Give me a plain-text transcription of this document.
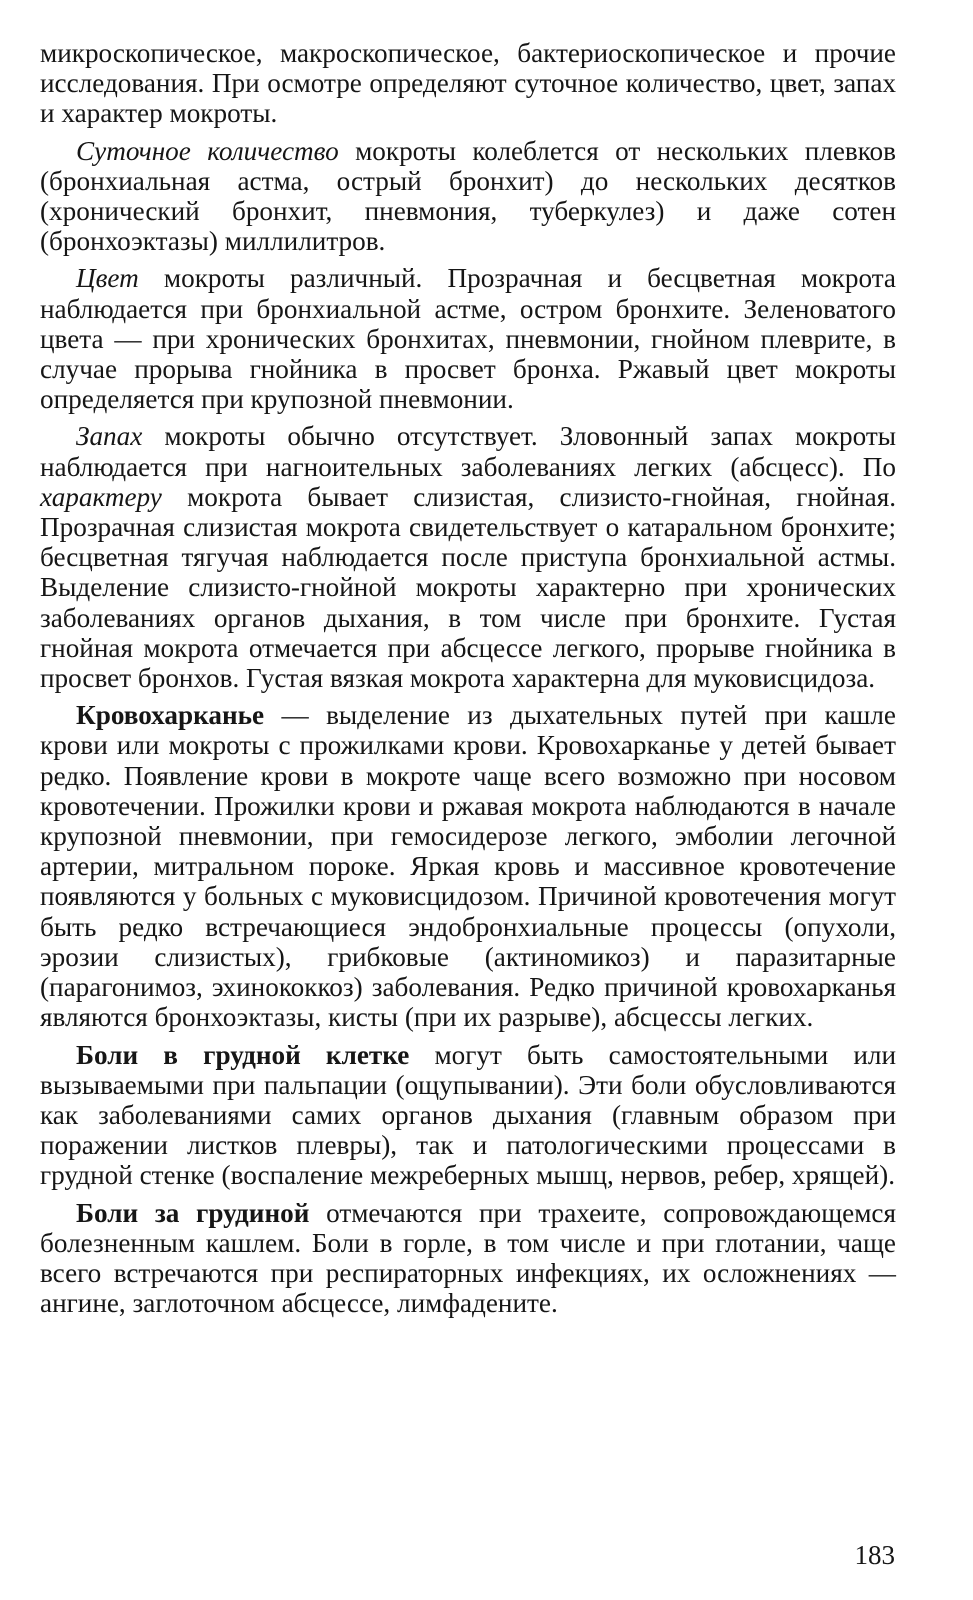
микроскопическое, макроскопическое, бактериоскопическое и прочие исследования. При осмотре определяют суточное количество, цвет, запах и характер мокроты.

Суточное количество мокроты колеблется от нескольких плевков (бронхиальная астма, острый бронхит) до нескольких десятков (хронический бронхит, пневмония, туберкулез) и даже сотен (бронхоэктазы) миллилитров.

Цвет мокроты различный. Прозрачная и бесцветная мокрота наблюдается при бронхиальной астме, остром бронхите. Зеленоватого цвета — при хронических бронхитах, пневмонии, гнойном плеврите, в случае прорыва гнойника в просвет бронха. Ржавый цвет мокроты определяется при крупозной пневмонии.

Запах мокроты обычно отсутствует. Зловонный запах мокроты наблюдается при нагноительных заболеваниях легких (абсцесс). По характеру мокрота бывает слизистая, слизисто-гнойная, гнойная. Прозрачная слизистая мокрота свидетельствует о катаральном бронхите; бесцветная тягучая наблюдается после приступа бронхиальной астмы. Выделение слизисто-гнойной мокроты характерно при хронических заболеваниях органов дыхания, в том числе при бронхите. Густая гнойная мокрота отмечается при абсцессе легкого, прорыве гнойника в просвет бронхов. Густая вязкая мокрота характерна для муковисцидоза.

Кровохарканье — выделение из дыхательных путей при кашле крови или мокроты с прожилками крови. Кровохарканье у детей бывает редко. Появление крови в мокроте чаще всего возможно при носовом кровотечении. Прожилки крови и ржавая мокрота наблюдаются в начале крупозной пневмонии, при гемосидерозе легкого, эмболии легочной артерии, митральном пороке. Яркая кровь и массивное кровотечение появляются у больных с муковисцидозом. Причиной кровотечения могут быть редко встречающиеся эндобронхиальные процессы (опухоли, эрозии слизистых), грибковые (актиномикоз) и паразитарные (парагонимоз, эхинококкоз) заболевания. Редко причиной кровохарканья являются бронхоэктазы, кисты (при их разрыве), абсцессы легких.

Боли в грудной клетке могут быть самостоятельными или вызываемыми при пальпации (ощупывании). Эти боли обусловливаются как заболеваниями самих органов дыхания (главным образом при поражении листков плевры), так и патологическими процессами в грудной стенке (воспаление межреберных мышц, нервов, ребер, хрящей).

Боли за грудиной отмечаются при трахеите, сопровождающемся болезненным кашлем. Боли в горле, в том числе и при глотании, чаще всего встречаются при респираторных инфекциях, их осложнениях — ангине, заглоточном абсцессе, лимфадените.

183
